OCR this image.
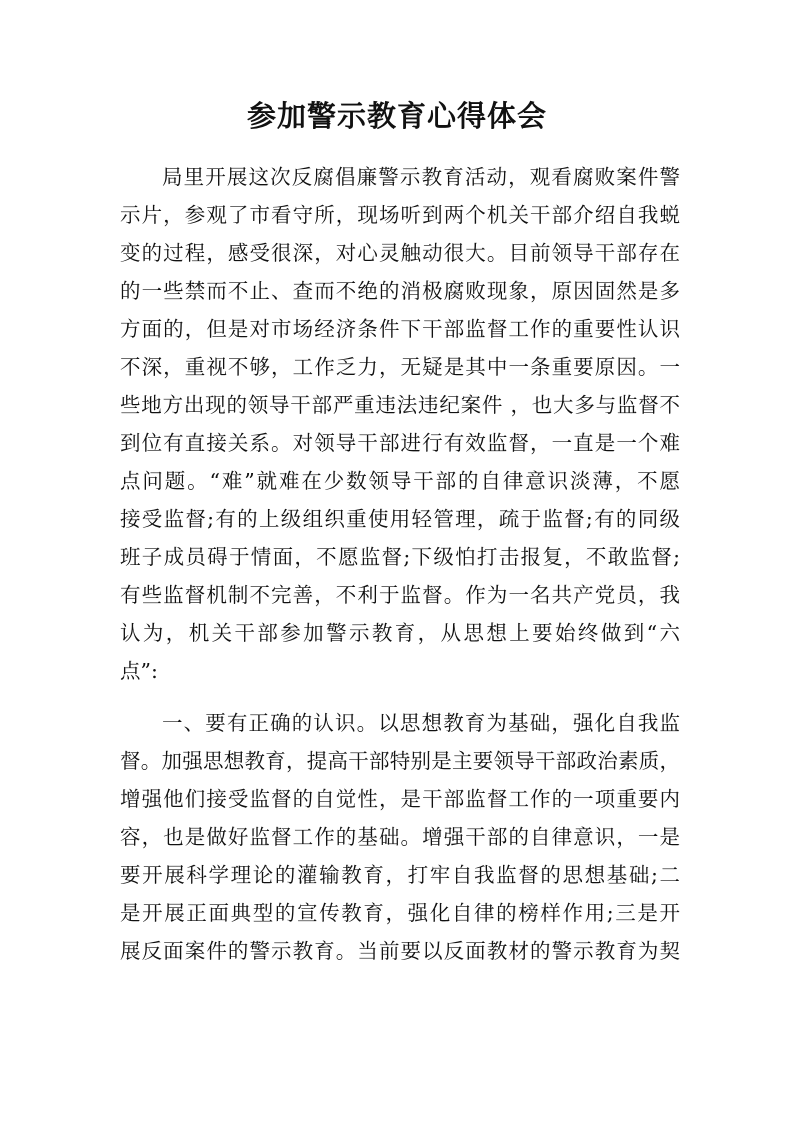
参加警示教育心得体会
局里开展这次反腐倡廉警示教育活动，观看腐败案件警
示片，参观了市看守所，现场听到两个机关干部介绍自我蜕
变的过程，感受很深，对心灵触动很大。目前领导干部存在
的一些禁而不止、查而不绝的消极腐败现象，原因固然是多
方面的，但是对市场经济条件下干部监督工作的重要性认识
不深，重视不够，工作乏力，无疑是其中一条重要原因。一
些地方出现的领导干部严重违法违纪案件 ，也大多与监督不
到位有直接关系。对领导干部进行有效监督，一直是一个难
点问题。“难”就难在少数领导干部的自律意识淡薄，不愿
接受监督;有的上级组织重使用轻管理，疏于监督;有的同级
班子成员碍于情面，不愿监督;下级怕打击报复，不敢监督;
有些监督机制不完善，不利于监督。作为一名共产党员，我
认为，机关干部参加警示教育，从思想上要始终做到“六
点”:
一、要有正确的认识。以思想教育为基础，强化自我监
督。加强思想教育，提高干部特别是主要领导干部政治素质，
增强他们接受监督的自觉性，是干部监督工作的一项重要内
容，也是做好监督工作的基础。增强干部的自律意识，一是
要开展科学理论的灌输教育，打牢自我监督的思想基础;二
是开展正面典型的宣传教育，强化自律的榜样作用;三是开
展反面案件的警示教育。当前要以反面教材的警示教育为契
